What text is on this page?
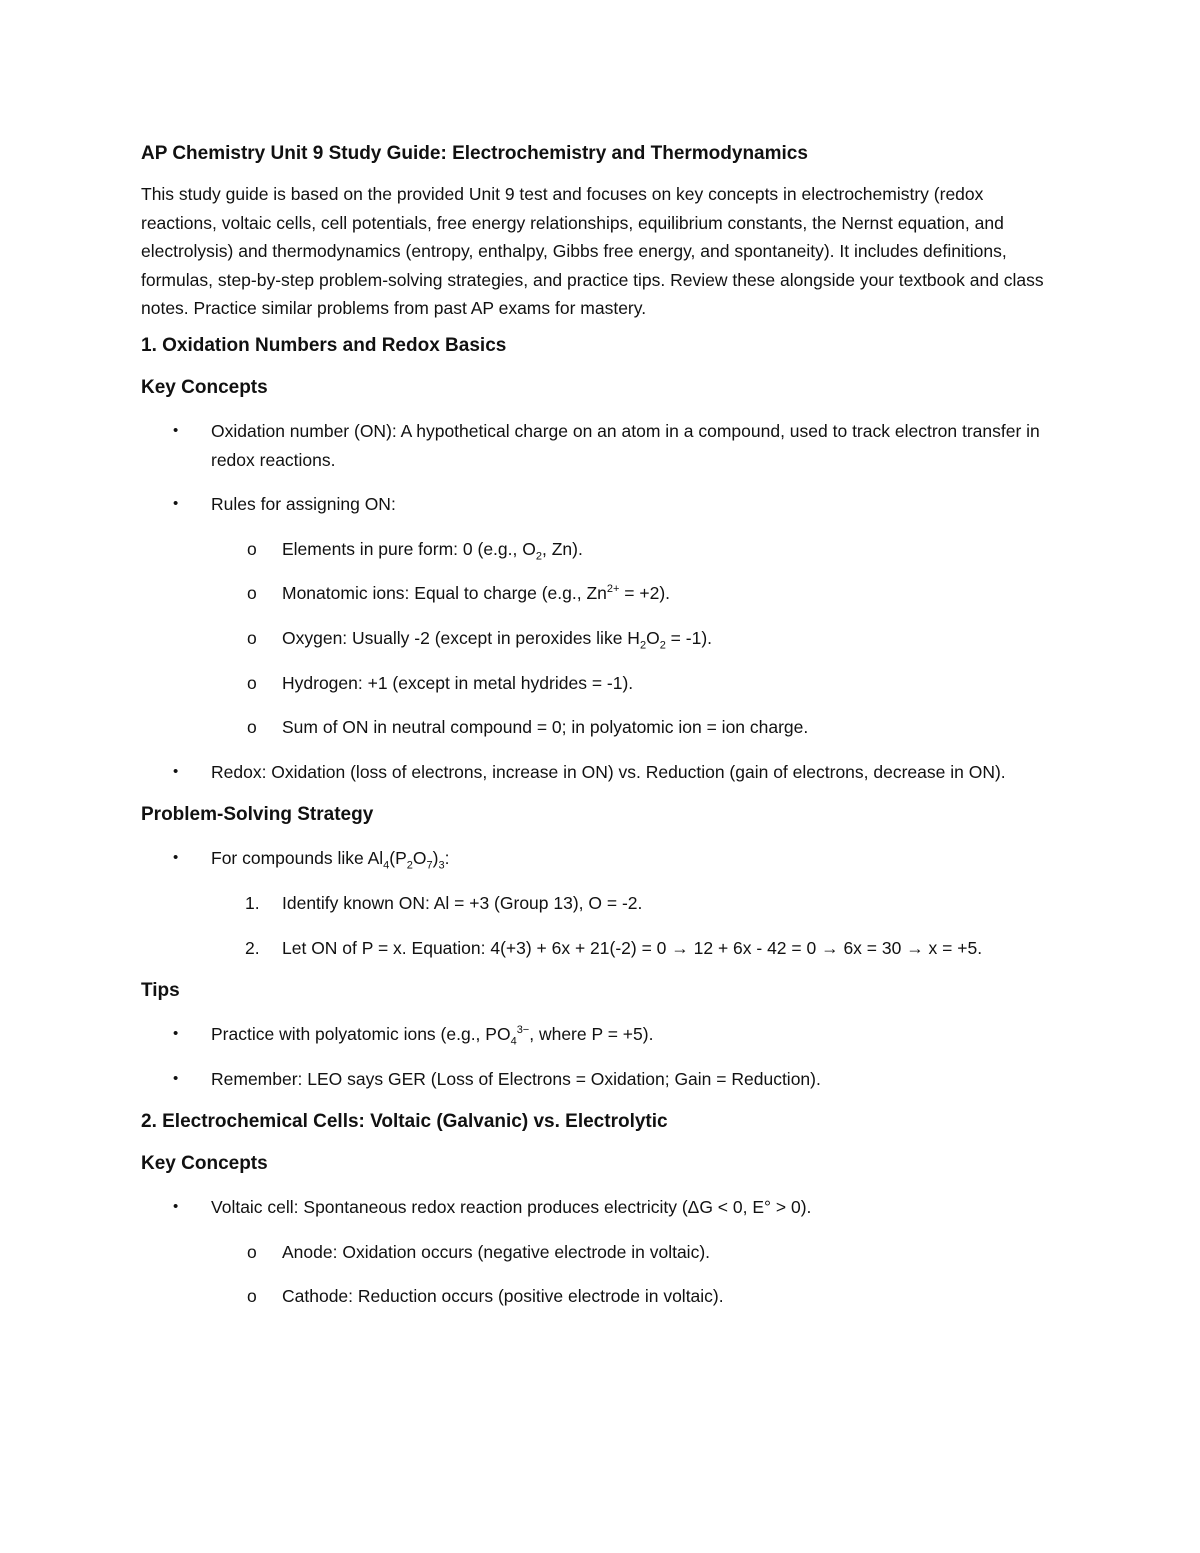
AP Chemistry Unit 9 Study Guide: Electrochemistry and Thermodynamics

This study guide is based on the provided Unit 9 test and focuses on key concepts in electrochemistry (redox reactions, voltaic cells, cell potentials, free energy relationships, equilibrium constants, the Nernst equation, and electrolysis) and thermodynamics (entropy, enthalpy, Gibbs free energy, and spontaneity). It includes definitions, formulas, step-by-step problem-solving strategies, and practice tips. Review these alongside your textbook and class notes. Practice similar problems from past AP exams for mastery.

1. Oxidation Numbers and Redox Basics
Key Concepts
• Oxidation number (ON): A hypothetical charge on an atom in a compound, used to track electron transfer in redox reactions.
• Rules for assigning ON:
o Elements in pure form: 0 (e.g., $O_2$, Zn).
o Monatomic ions: Equal to charge (e.g., $Zn^{2+} = +2$).
o Oxygen: Usually -2 (except in peroxides like $H_2O_2 = -1$).
o Hydrogen: +1 (except in metal hydrides = -1).
o Sum of ON in neutral compound = 0; in polyatomic ion = ion charge.
• Redox: Oxidation (loss of electrons, increase in ON) vs. Reduction (gain of electrons, decrease in ON).
Problem-Solving Strategy
• For compounds like $Al_4(P_2O_7)_3$:
1. Identify known ON: Al = +3 (Group 13), O = -2.
2. Let ON of P = x. Equation: 4(+3) + 6x + 21(-2) = 0 → 12 + 6x - 42 = 0 → 6x = 30 → x = +5.
Tips
• Practice with polyatomic ions (e.g., $PO_4^{3-}$, where P = +5).
• Remember: LEO says GER (Loss of Electrons = Oxidation; Gain = Reduction).
2. Electrochemical Cells: Voltaic (Galvanic) vs. Electrolytic
Key Concepts
• Voltaic cell: Spontaneous redox reaction produces electricity (ΔG < 0, E° > 0).
o Anode: Oxidation occurs (negative electrode in voltaic).
o Cathode: Reduction occurs (positive electrode in voltaic).
